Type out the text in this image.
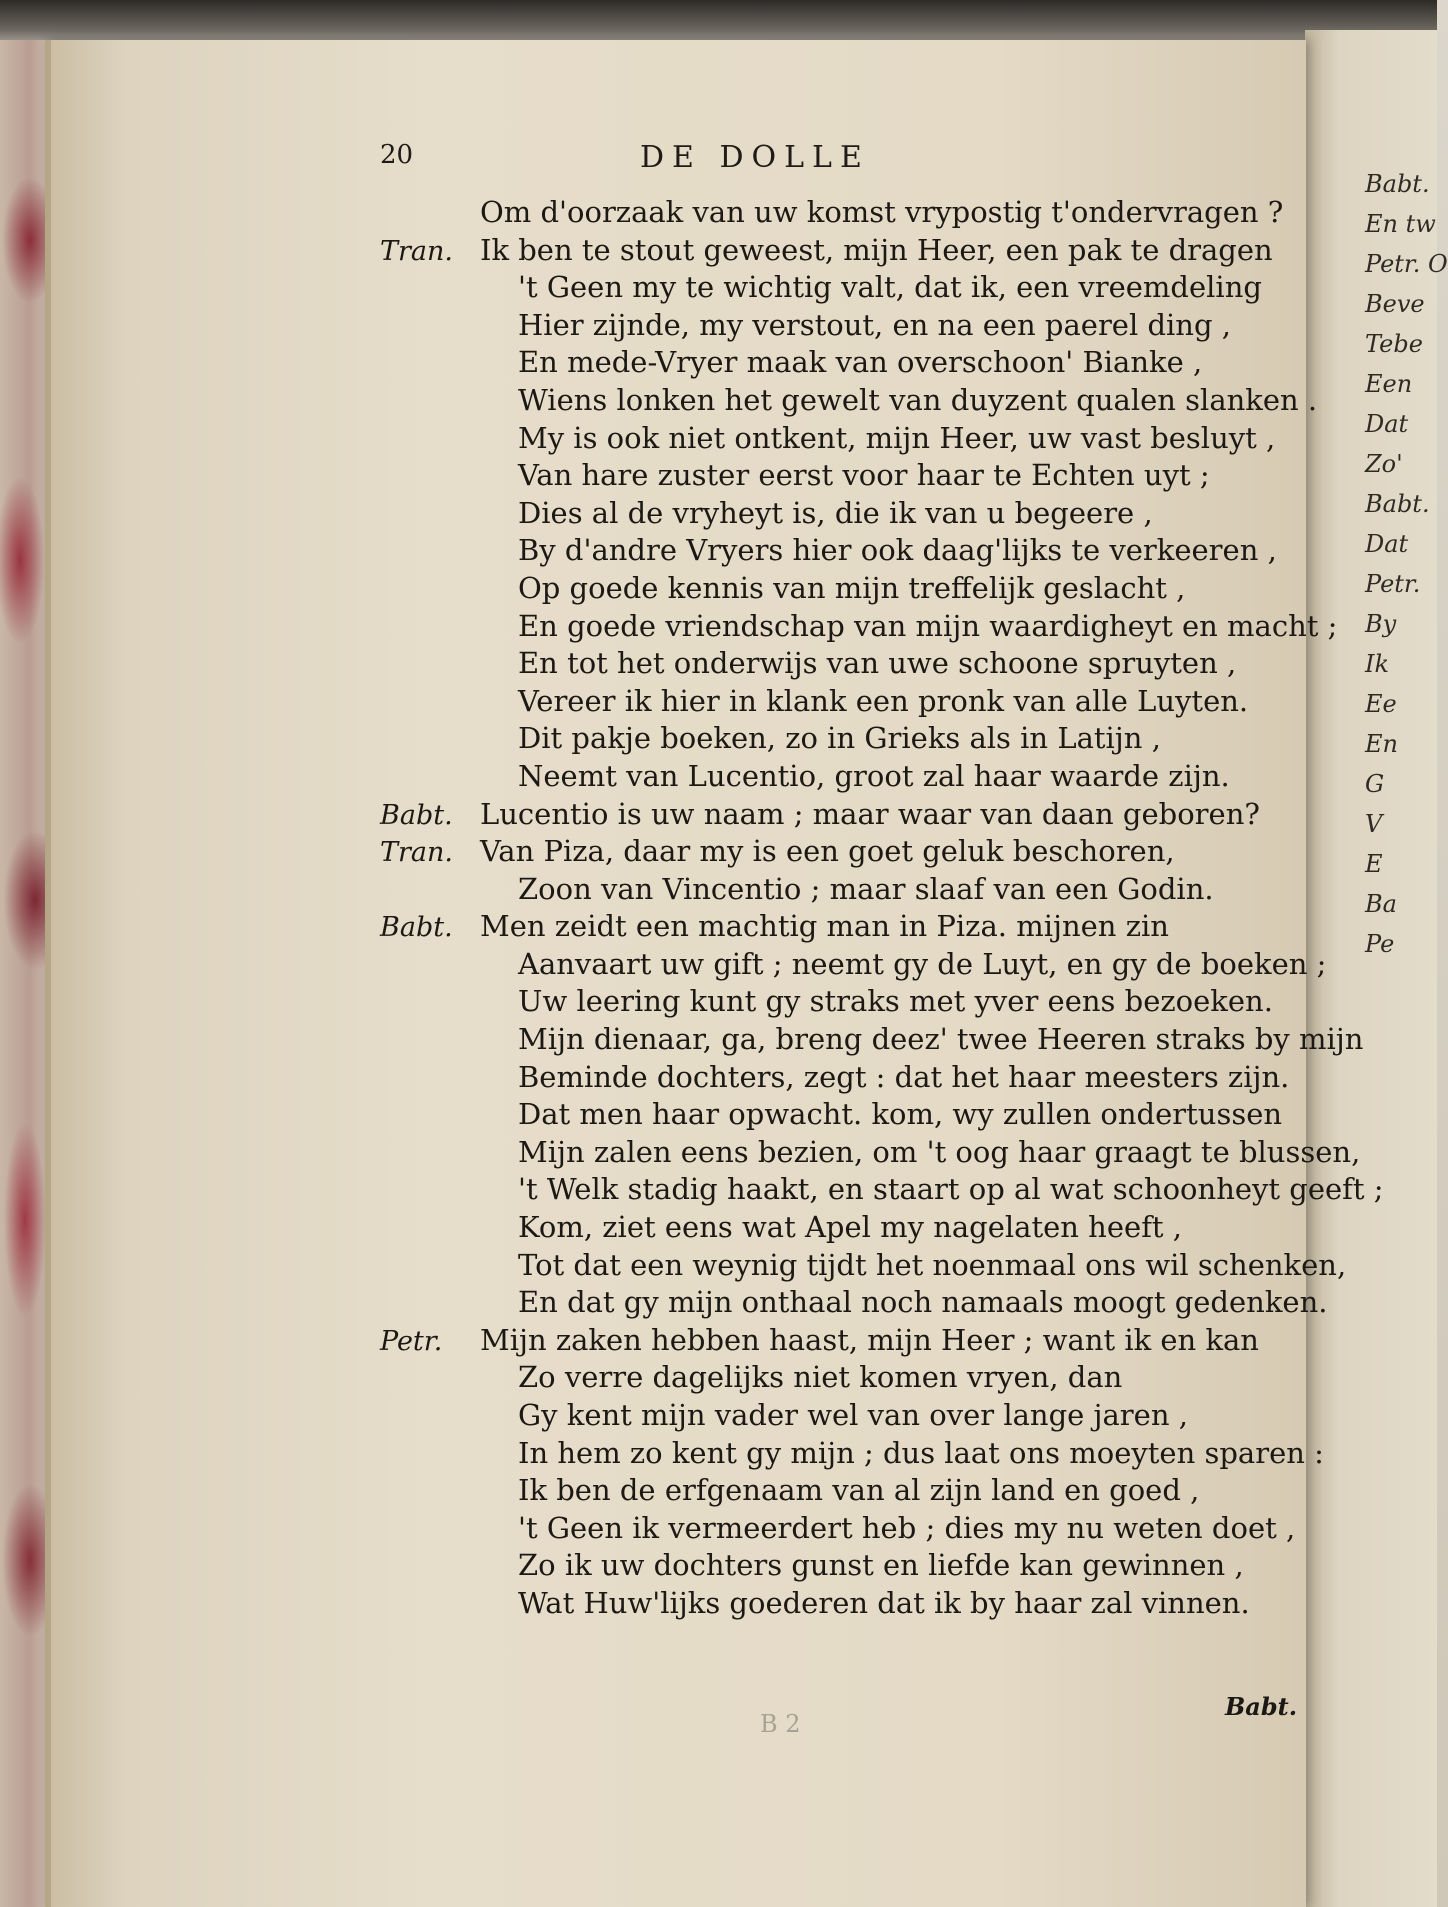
Babt.
En tw
Petr. O
Beve
Tebe
Een
Dat
Zo'
Babt.
Dat
Petr.
By
Ik
Ee
En
G
V
E
Ba
Pe
20	DE DOLLE
Om d'oorzaak van uw komst vrypostig t'ondervragen ?
Tran. Ik ben te stout geweest, mijn Heer, een pak te dragen
't Geen my te wichtig valt, dat ik, een vreemdeling
Hier zijnde, my verstout, en na een paerel ding ,
En mede-Vryer maak van overschoon' Bianke ,
Wiens lonken het gewelt van duyzent qualen slanken .
My is ook niet ontkent, mijn Heer, uw vast besluyt ,
Van hare zuster eerst voor haar te Echten uyt ;
Dies al de vryheyt is, die ik van u begeere ,
By d'andre Vryers hier ook daag'lijks te verkeeren ,
Op goede kennis van mijn treffelijk geslacht ,
En goede vriendschap van mijn waardigheyt en macht ;
En tot het onderwijs van uwe schoone spruyten ,
Vereer ik hier in klank een pronk van alle Luyten.
Dit pakje boeken, zo in Grieks als in Latijn ,
Neemt van Lucentio, groot zal haar waarde zijn.
Babt. Lucentio is uw naam ; maar waar van daan geboren?
Tran. Van Piza, daar my is een goet geluk beschoren,
Zoon van Vincentio ; maar slaaf van een Godin.
Babt. Men zeidt een machtig man in Piza. mijnen zin
Aanvaart uw gift ; neemt gy de Luyt, en gy de boeken ;
Uw leering kunt gy straks met yver eens bezoeken.
Mijn dienaar, ga, breng deez' twee Heeren straks by mijn
Beminde dochters, zegt : dat het haar meesters zijn.
Dat men haar opwacht. kom, wy zullen ondertussen
Mijn zalen eens bezien, om 't oog haar graagt te blussen,
't Welk stadig haakt, en staart op al wat schoonheyt geeft ;
Kom, ziet eens wat Apel my nagelaten heeft ,
Tot dat een weynig tijdt het noenmaal ons wil schenken,
En dat gy mijn onthaal noch namaals moogt gedenken.
Petr. Mijn zaken hebben haast, mijn Heer ; want ik en kan
Zo verre dagelijks niet komen vryen, dan
Gy kent mijn vader wel van over lange jaren ,
In hem zo kent gy mijn ; dus laat ons moeyten sparen :
Ik ben de erfgenaam van al zijn land en goed ,
't Geen ik vermeerdert heb ; dies my nu weten doet ,
Zo ik uw dochters gunst en liefde kan gewinnen ,
Wat Huw'lijks goederen dat ik by haar zal vinnen.
B 2
Babt.
